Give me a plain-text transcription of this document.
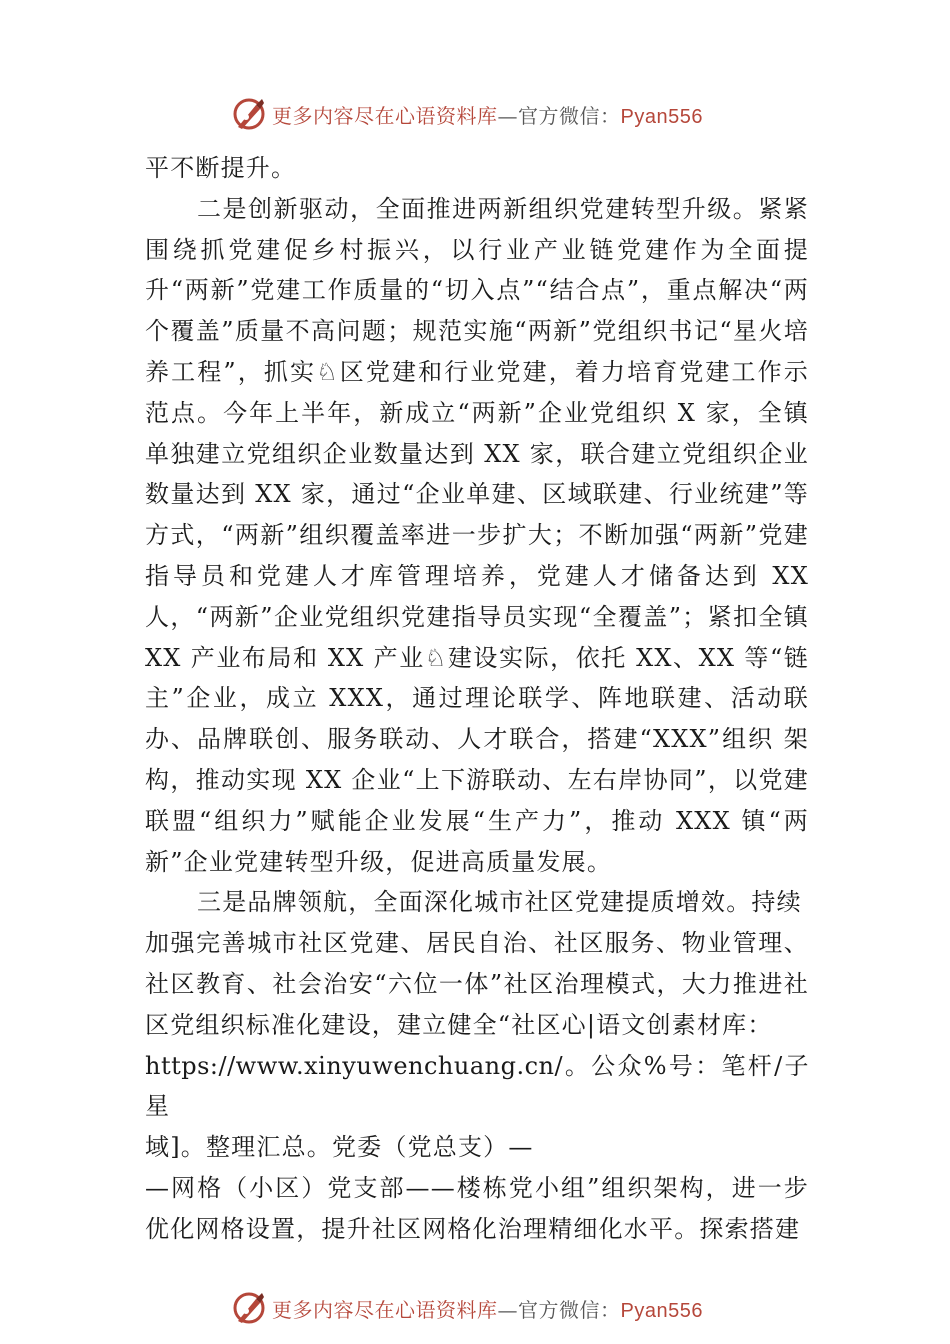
更多内容尽在心语资料库—官方微信：Pyan556

平不断提升。

二是创新驱动，全面推进两新组织党建转型升级。紧紧围绕抓党建促乡村振兴，以行业产业链党建作为全面提升“两新”党建工作质量的“切入点”“结合点”，重点解决“两个覆盖”质量不高问题；规范实施“两新”党组织书记“星火培养工程”，抓实♘区党建和行业党建，着力培育党建工作示范点。今年上半年，新成立“两新”企业党组织 X 家，全镇单独建立党组织企业数量达到 XX 家，联合建立党组织企业数量达到 XX 家，通过“企业单建、区域联建、行业统建”等方式，“两新”组织覆盖率进一步扩大；不断加强“两新”党建指导员和党建人才库管理培养，党建人才储备达到 XX 人，“两新”企业党组织党建指导员实现“全覆盖”；紧扣全镇 XX 产业布局和 XX 产业♘建设实际，依托 XX、XX 等“链主”企业，成立 XXX，通过理论联学、阵地联建、活动联办、品牌联创、服务联动、人才联合，搭建“XXX”组织 架构，推动实现 XX 企业“上下游联动、左右岸协同”，以党建联盟“组织力”赋能企业发展“生产力”，推动 XXX 镇“两新”企业党建转型升级，促进高质量发展。

三是品牌领航，全面深化城市社区党建提质增效。持续

加强完善城市社区党建、居民自治、社区服务、物业管理、社区教育、社会治安“六位一体”社区治理模式，大力推进社区党组织标准化建设，建立健全“社区心|语文创素材库：

https://www.xinyuwenchuang.cn/。公众%号：笔杆/子星

域]。整理汇总。党委（党总支）—

—网格（小区）党支部——楼栋党小组”组织架构，进一步优化网格设置，提升社区网格化治理精细化水平。探索搭建

更多内容尽在心语资料库—官方微信：Pyan556
